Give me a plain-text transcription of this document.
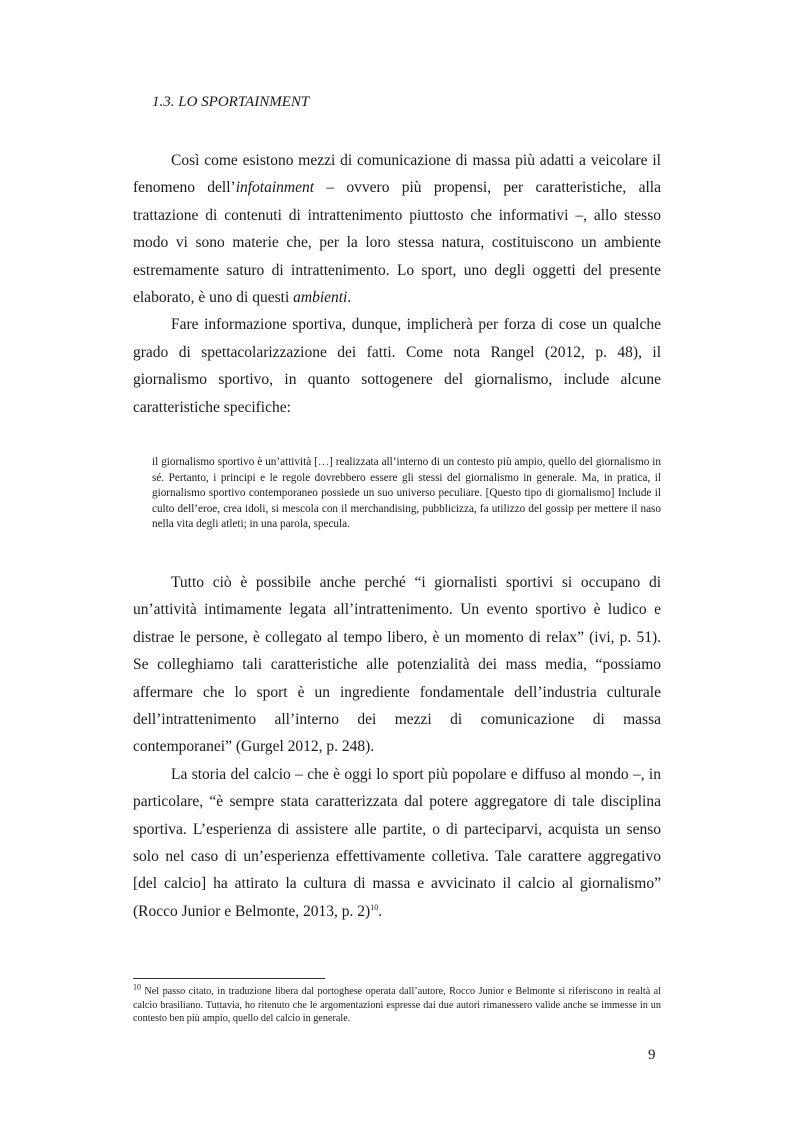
1.3. LO SPORTAINMENT

Così come esistono mezzi di comunicazione di massa più adatti a veicolare il fenomeno dell’infotainment – ovvero più propensi, per caratteristiche, alla trattazione di contenuti di intrattenimento piuttosto che informativi –, allo stesso modo vi sono materie che, per la loro stessa natura, costituiscono un ambiente estremamente saturo di intrattenimento. Lo sport, uno degli oggetti del presente elaborato, è uno di questi ambienti.

Fare informazione sportiva, dunque, implicherà per forza di cose un qualche grado di spettacolarizzazione dei fatti. Come nota Rangel (2012, p. 48), il giornalismo sportivo, in quanto sottogenere del giornalismo, include alcune caratteristiche specifiche:

il giornalismo sportivo è un’attività […] realizzata all’interno di un contesto più ampio, quello del giornalismo in sé. Pertanto, i principi e le regole dovrebbero essere gli stessi del giornalismo in generale. Ma, in pratica, il giornalismo sportivo contemporaneo possiede un suo universo peculiare. [Questo tipo di giornalismo] Include il culto dell’eroe, crea idoli, si mescola con il merchandising, pubblicizza, fa utilizzo del gossip per mettere il naso nella vita degli atleti; in una parola, specula.

Tutto ciò è possibile anche perché “i giornalisti sportivi si occupano di un’attività intimamente legata all’intrattenimento. Un evento sportivo è ludico e distrae le persone, è collegato al tempo libero, è un momento di relax” (ivi, p. 51). Se colleghiamo tali caratteristiche alle potenzialità dei mass media, “possiamo affermare che lo sport è un ingrediente fondamentale dell’industria culturale dell’intrattenimento all’interno dei mezzi di comunicazione di massa contemporanei” (Gurgel 2012, p. 248).

La storia del calcio – che è oggi lo sport più popolare e diffuso al mondo –, in particolare, “è sempre stata caratterizzata dal potere aggregatore di tale disciplina sportiva. L’esperienza di assistere alle partite, o di parteciparvi, acquista un senso solo nel caso di un’esperienza effettivamente colletiva. Tale carattere aggregativo [del calcio] ha attirato la cultura di massa e avvicinato il calcio al giornalismo” (Rocco Junior e Belmonte, 2013, p. 2)$^{10}$.

$^{10}$ Nel passo citato, in traduzione libera dal portoghese operata dall’autore, Rocco Junior e Belmonte si riferiscono in realtà al calcio brasiliano. Tuttavia, ho ritenuto che le argomentazioni espresse dai due autori rimanessero valide anche se immesse in un contesto ben più ampio, quello del calcio in generale.
9
